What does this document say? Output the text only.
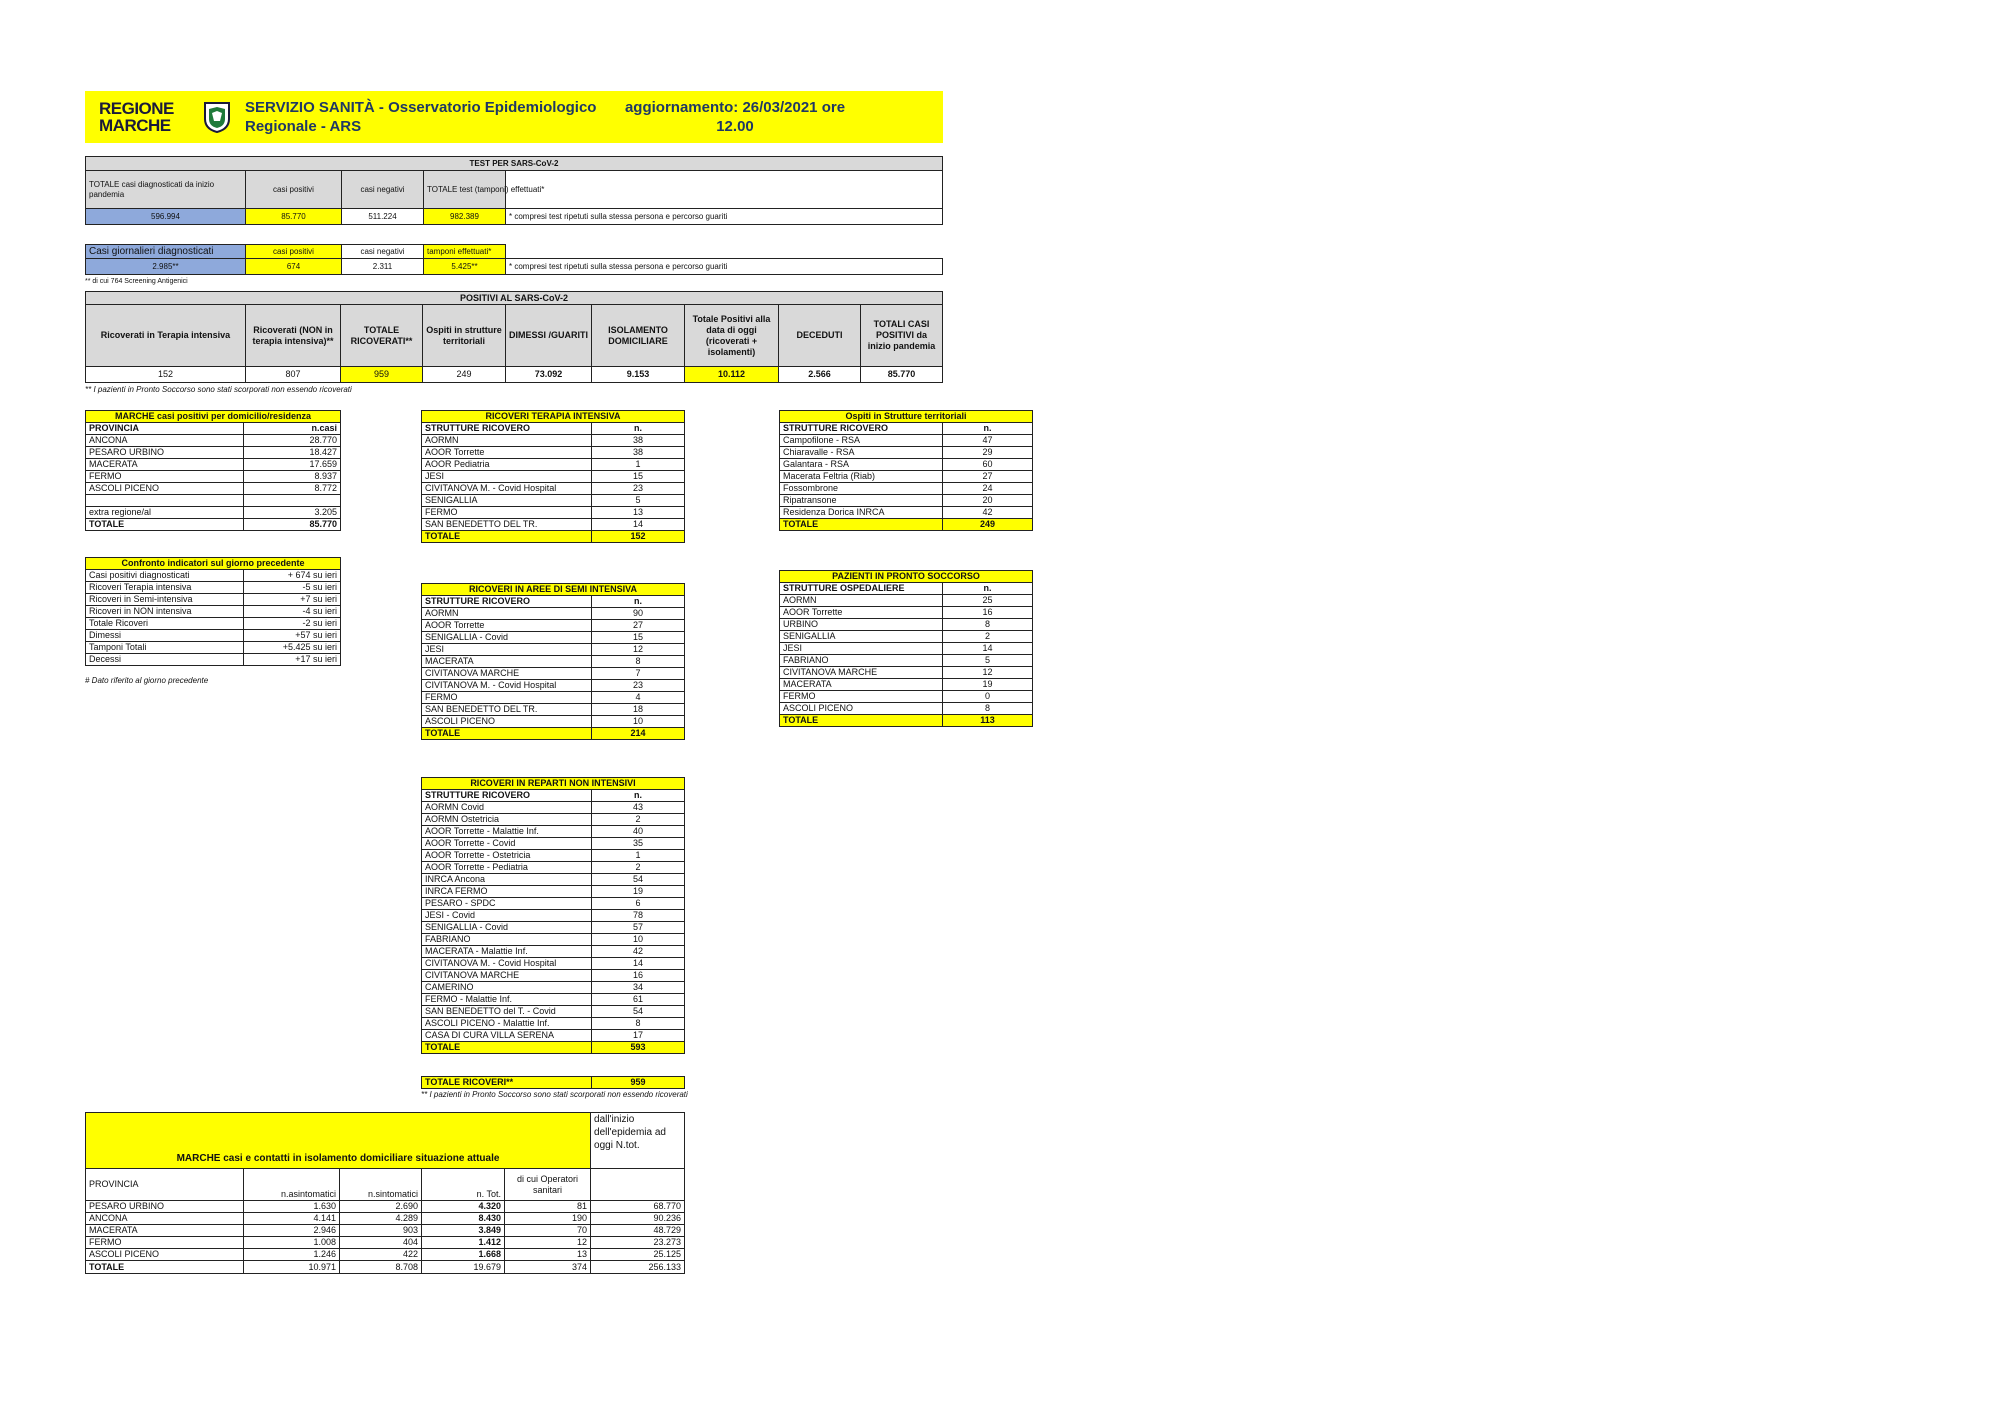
REGIONE
MARCHE
SERVIZIO SANITÀ - Osservatorio Epidemiologico Regionale - ARS
aggiornamento: 26/03/2021 ore 12.00
TEST PER SARS-CoV-2				
TOTALE casi diagnosticati da inizio pandemia	casi positivi	casi negativi	TOTALE test (tamponi) effettuati*	
596.994	85.770	511.224	982.389	* compresi test ripetuti sulla stessa persona e percorso guariti
Casi giornalieri diagnosticati	casi positivi	casi negativi	tamponi effettuati*	
2.985**	674	2.311	5.425**	* compresi test ripetuti sulla stessa persona e percorso guariti
** di cui 764 Screening Antigenici
POSITIVI AL SARS-CoV-2								
Ricoverati in Terapia intensiva	Ricoverati (NON in terapia intensiva)**	TOTALE RICOVERATI**	Ospiti in strutture territoriali	DIMESSI /GUARITI	ISOLAMENTO DOMICILIARE	Totale Positivi alla data di oggi (ricoverati + isolamenti)	DECEDUTI	TOTALI CASI POSITIVI da inizio pandemia
152	807	959	249	73.092	9.153	10.112	2.566	85.770
** I pazienti in Pronto Soccorso sono stati scorporati non essendo ricoverati
MARCHE casi positivi per domicilio/residenza	
PROVINCIA	n.casi
ANCONA	28.770
PESARO URBINO	18.427
MACERATA	17.659
FERMO	8.937
ASCOLI PICENO	8.772

extra regione/al	3.205
TOTALE	85.770
Confronto indicatori sul giorno precedente	
Casi positivi diagnosticati	+ 674 su ieri
Ricoveri Terapia intensiva	-5 su ieri
Ricoveri in Semi-intensiva	+7 su ieri
Ricoveri in NON intensiva	-4 su ieri
Totale Ricoveri	-2 su ieri
Dimessi	+57 su ieri
Tamponi Totali	+5.425 su ieri
Decessi	+17 su ieri
# Dato riferito al giorno precedente
RICOVERI TERAPIA INTENSIVA	
STRUTTURE RICOVERO	n.
AORMN	38
AOOR Torrette	38
AOOR Pediatria	1
JESI	15
CIVITANOVA M. - Covid Hospital	23
SENIGALLIA	5
FERMO	13
SAN BENEDETTO DEL TR.	14
TOTALE	152
RICOVERI IN AREE DI SEMI INTENSIVA	
STRUTTURE RICOVERO	n.
AORMN	90
AOOR Torrette	27
SENIGALLIA - Covid	15
JESI	12
MACERATA	8
CIVITANOVA MARCHE	7
CIVITANOVA M. - Covid Hospital	23
FERMO	4
SAN BENEDETTO DEL TR.	18
ASCOLI PICENO	10
TOTALE	214
RICOVERI IN REPARTI NON INTENSIVI	
STRUTTURE RICOVERO	n.
AORMN Covid	43
AORMN Ostetricia	2
AOOR Torrette - Malattie Inf.	40
AOOR Torrette - Covid	35
AOOR Torrette - Ostetricia	1
AOOR Torrette - Pediatria	2
INRCA Ancona	54
INRCA FERMO	19
PESARO - SPDC	6
JESI - Covid	78
SENIGALLIA - Covid	57
FABRIANO	10
MACERATA - Malattie Inf.	42
CIVITANOVA M. - Covid Hospital	14
CIVITANOVA MARCHE	16
CAMERINO	34
FERMO - Malattie Inf.	61
SAN BENEDETTO del T. - Covid	54
ASCOLI PICENO - Malattie Inf.	8
CASA DI CURA VILLA SERENA	17
TOTALE	593
TOTALE RICOVERI**	959
** I pazienti in Pronto Soccorso sono stati scorporati non essendo ricoverati
Ospiti in Strutture territoriali	
STRUTTURE RICOVERO	n.
Campofilone - RSA	47
Chiaravalle - RSA	29
Galantara - RSA	60
Macerata Feltria (Riab)	27
Fossombrone	24
Ripatransone	20
Residenza Dorica INRCA	42
TOTALE	249
PAZIENTI IN PRONTO SOCCORSO	
STRUTTURE OSPEDALIERE	n.
AORMN	25
AOOR Torrette	16
URBINO	8
SENIGALLIA	2
JESI	14
FABRIANO	5
CIVITANOVA MARCHE	12
MACERATA	19
FERMO	0
ASCOLI PICENO	8
TOTALE	113
MARCHE casi e contatti in isolamento domiciliare situazione attuale					dall'inizio dell'epidemia ad oggi N.tot.
PROVINCIA	n.asintomatici	n.sintomatici	n. Tot.	di cui Operatori sanitari	
PESARO URBINO	1.630	2.690	4.320	81	68.770
ANCONA	4.141	4.289	8.430	190	90.236
MACERATA	2.946	903	3.849	70	48.729
FERMO	1.008	404	1.412	12	23.273
ASCOLI PICENO	1.246	422	1.668	13	25.125
TOTALE	10.971	8.708	19.679	374	256.133
